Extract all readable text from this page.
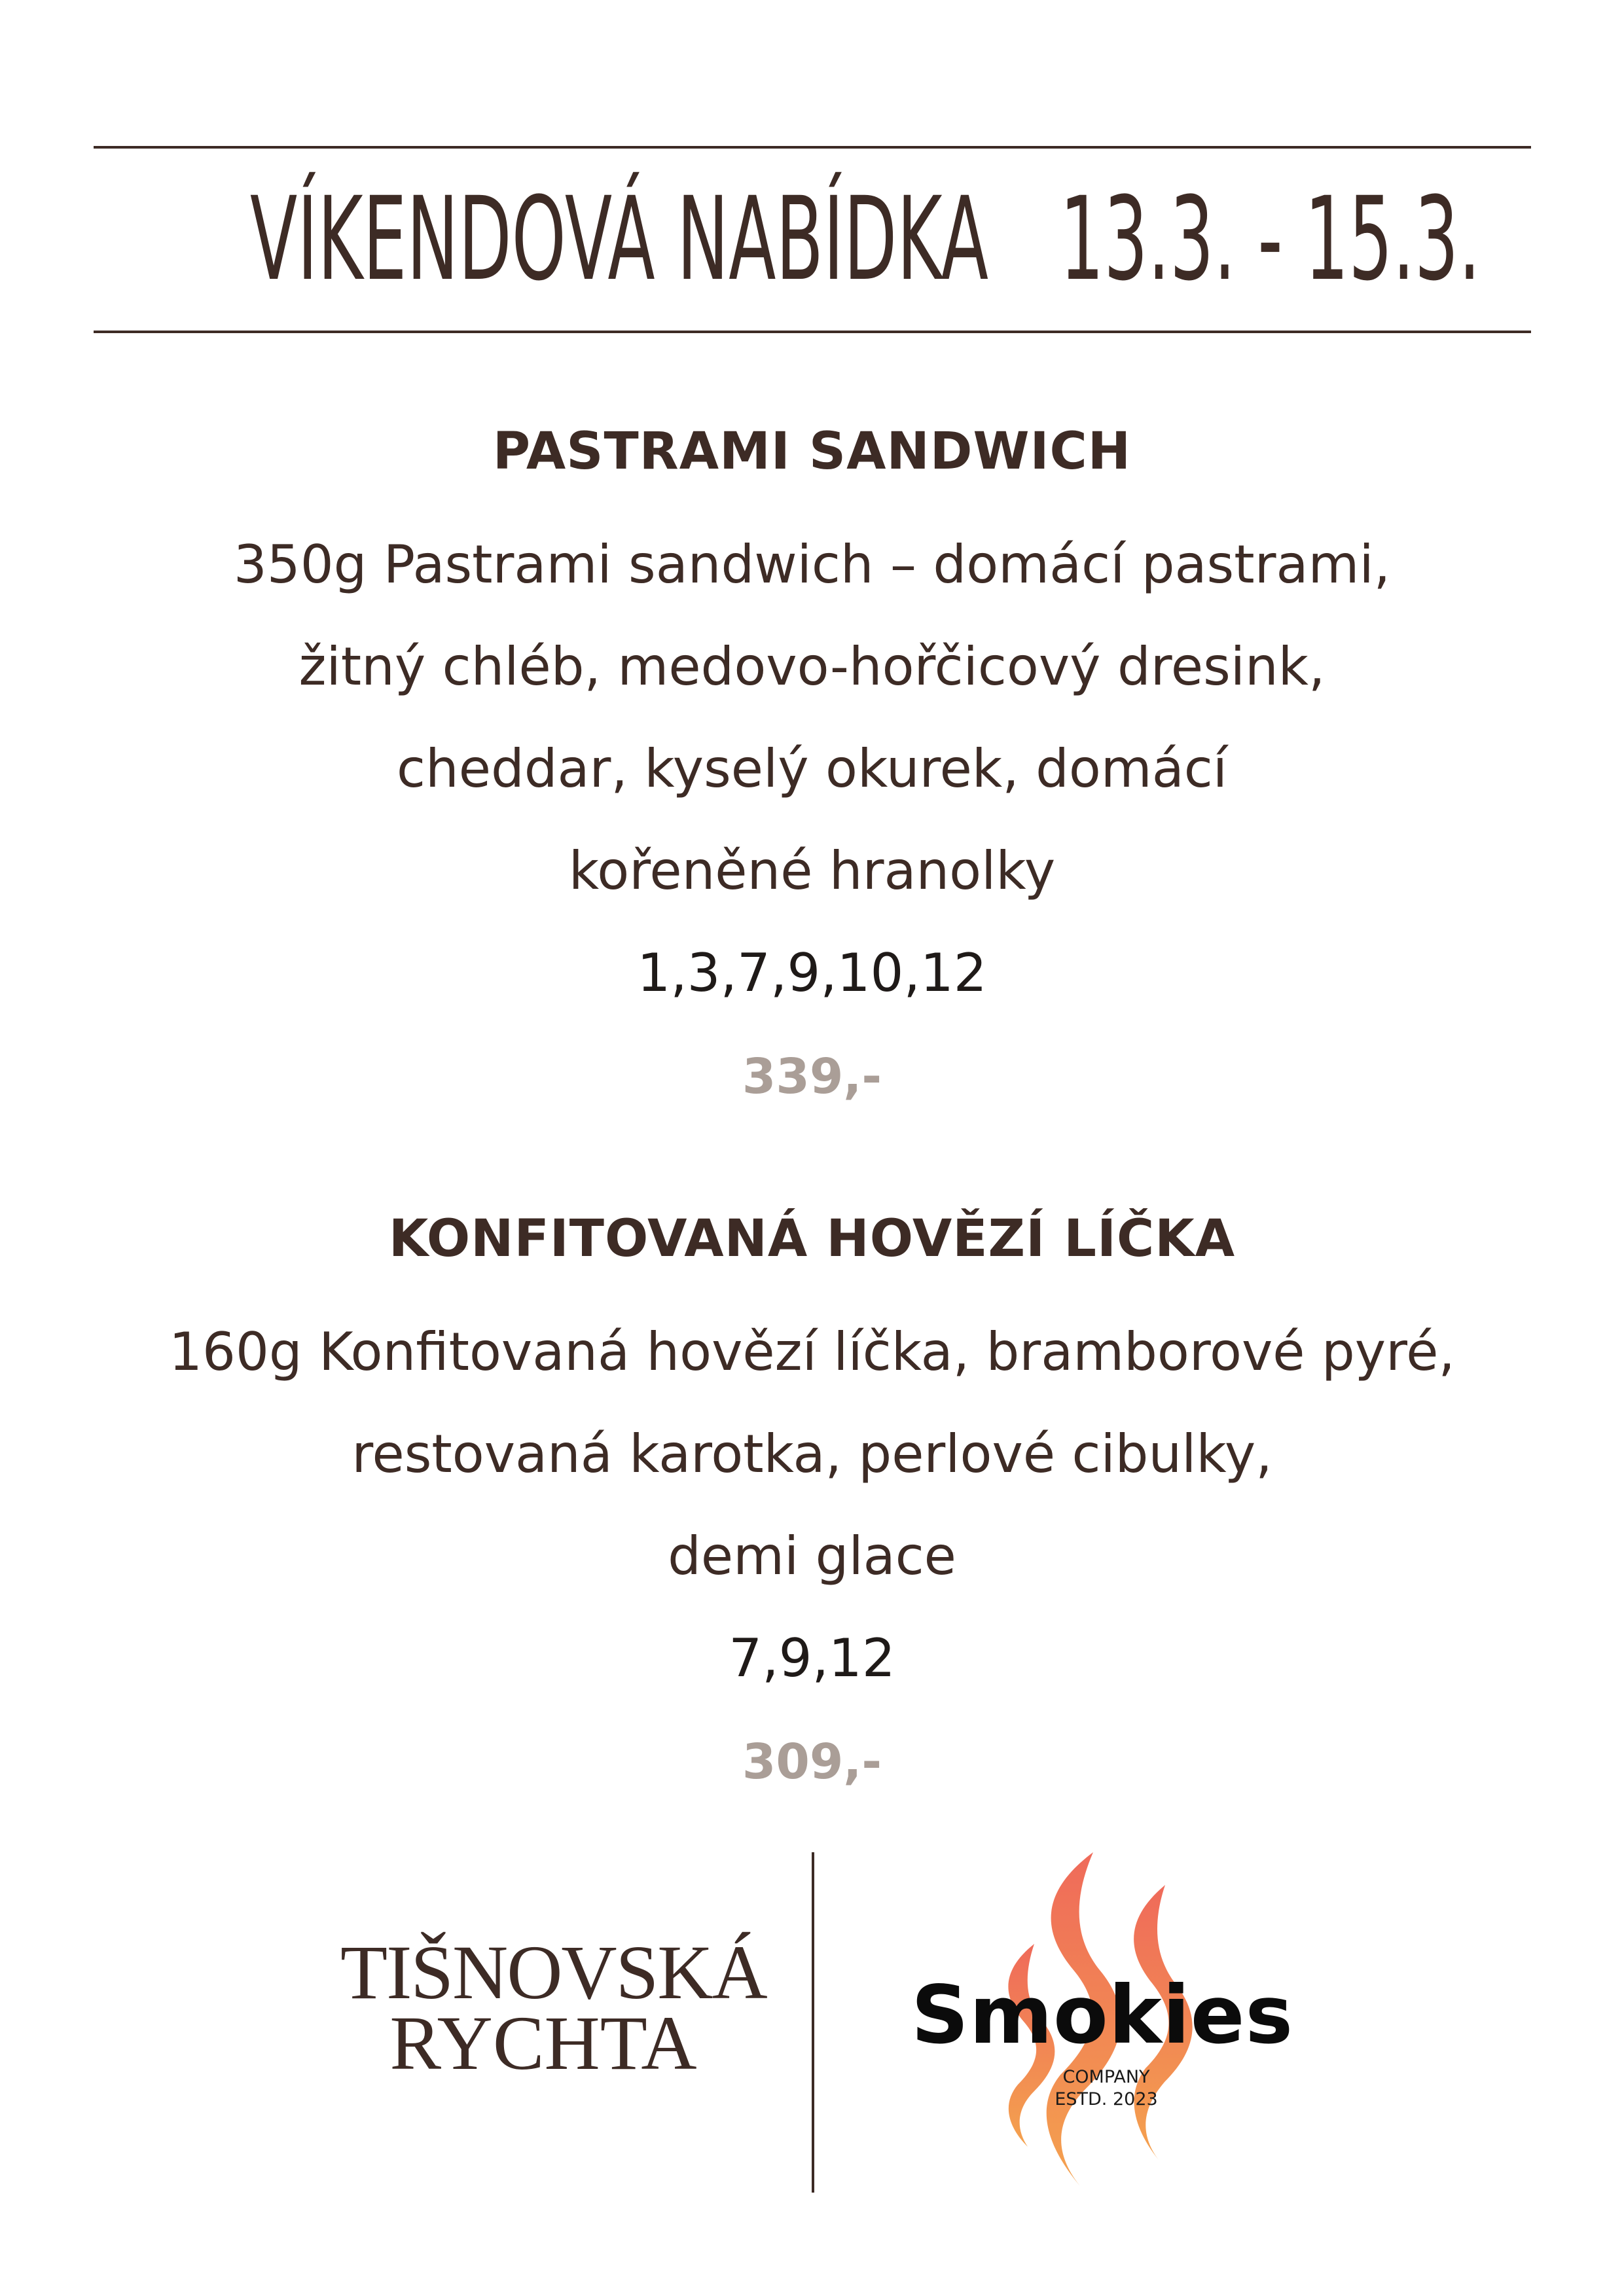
VÍKENDOVÁ NABÍDKA 13.3. - 15.3.
PASTRAMI SANDWICH
350g Pastrami sandwich – domácí pastrami,
žitný chléb, medovo-hořčicový dresink,
cheddar, kyselý okurek, domácí
kořeněné hranolky
1,3,7,9,10,12
339,-
KONFITOVANÁ HOVĚZÍ LÍČKA
160g Konfitovaná hovězí líčka, bramborové pyré,
restovaná karotka, perlové cibulky,
demi glace
7,9,12
309,-
TIŠNOVSKÁ
RYCHTA	Smokies
COMPANY
ESTD. 2023
